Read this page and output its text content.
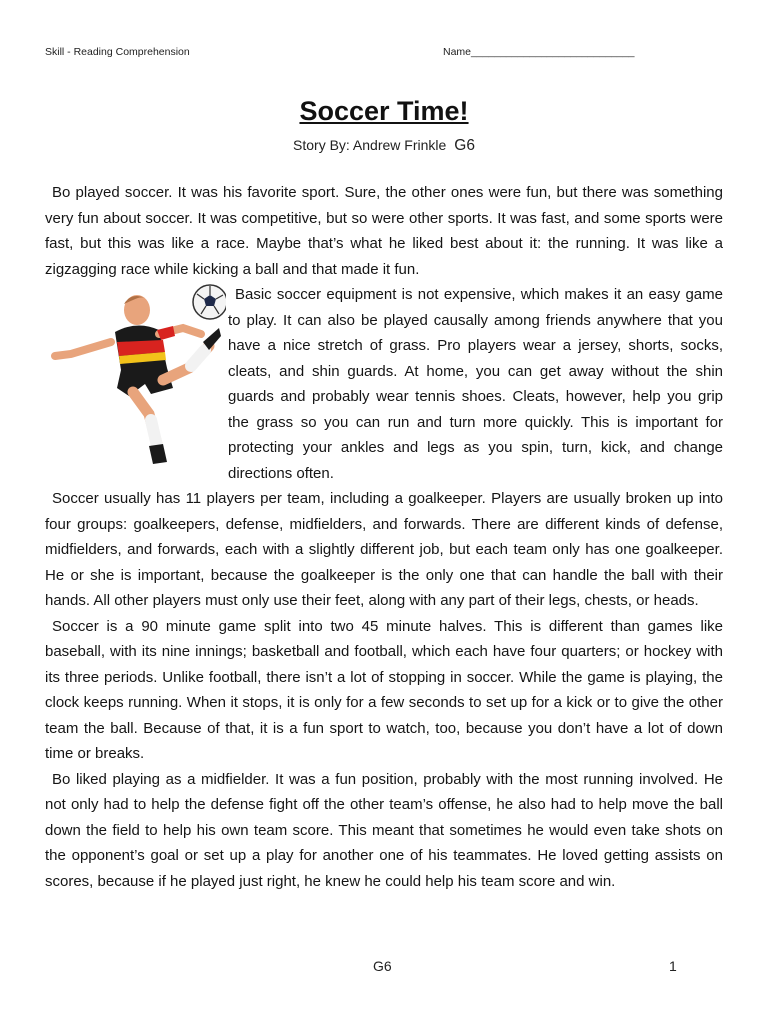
Skill - Reading Comprehension	Name____________________________
Soccer Time!
Story By: Andrew Frinkle G6

Bo played soccer. It was his favorite sport. Sure, the other ones were fun, but there was something very fun about soccer. It was competitive, but so were other sports. It was fast, and some sports were fast, but this was like a race. Maybe that’s what he liked best about it: the running. It was like a zigzagging race while kicking a ball and that made it fun.

Basic soccer equipment is not expensive, which makes it an easy game to play. It can also be played causally among friends anywhere that you have a nice stretch of grass. Pro players wear a jersey, shorts, socks, cleats, and shin guards. At home, you can get away without the shin guards and probably wear tennis shoes. Cleats, however, help you grip the grass so you can run and turn more quickly. This is important for protecting your ankles and legs as you spin, turn, kick, and change directions often.

Soccer usually has 11 players per team, including a goalkeeper. Players are usually broken up into four groups: goalkeepers, defense, midfielders, and forwards. There are different kinds of defense, midfielders, and forwards, each with a slightly different job, but each team only has one goalkeeper. He or she is important, because the goalkeeper is the only one that can handle the ball with their hands. All other players must only use their feet, along with any part of their legs, chests, or heads.

Soccer is a 90 minute game split into two 45 minute halves. This is different than games like baseball, with its nine innings; basketball and football, which each have four quarters; or hockey with its three periods. Unlike football, there isn’t a lot of stopping in soccer. While the game is playing, the clock keeps running. When it stops, it is only for a few seconds to set up for a kick or to give the other team the ball. Because of that, it is a fun sport to watch, too, because you don’t have a lot of down time or breaks.

Bo liked playing as a midfielder. It was a fun position, probably with the most running involved. He not only had to help the defense fight off the other team’s offense, he also had to help move the ball down the field to help his own team score. This meant that sometimes he would even take shots on the opponent’s goal or set up a play for another one of his teammates. He loved getting assists on scores, because if he played just right, he knew he could help his team score and win.

G6	1
